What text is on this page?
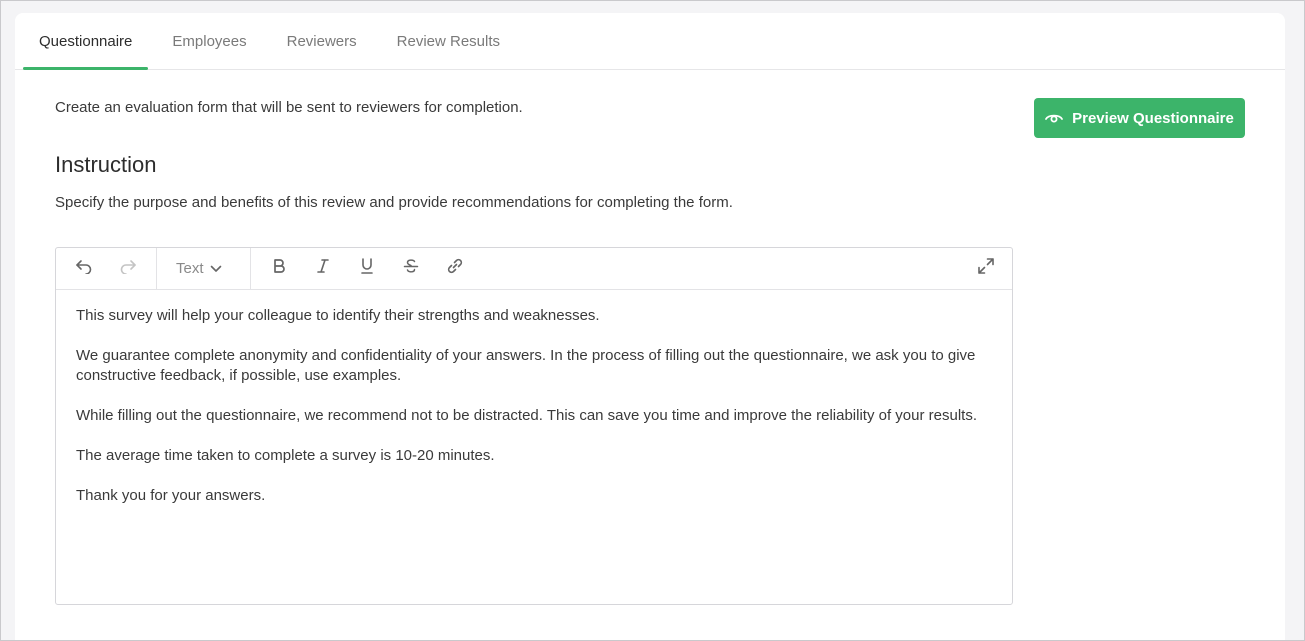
Questionnaire	Employees	Reviewers	Review Results
Create an evaluation form that will be sent to reviewers for completion.
Preview Questionnaire
Instruction
Specify the purpose and benefits of this review and provide recommendations for completing the form.
Text

This survey will help your colleague to identify their strengths and weaknesses.

We guarantee complete anonymity and confidentiality of your answers. In the process of filling out the questionnaire, we ask you to give constructive feedback, if possible, use examples.

While filling out the questionnaire, we recommend not to be distracted. This can save you time and improve the reliability of your results.

The average time taken to complete a survey is 10-20 minutes.

Thank you for your answers.
